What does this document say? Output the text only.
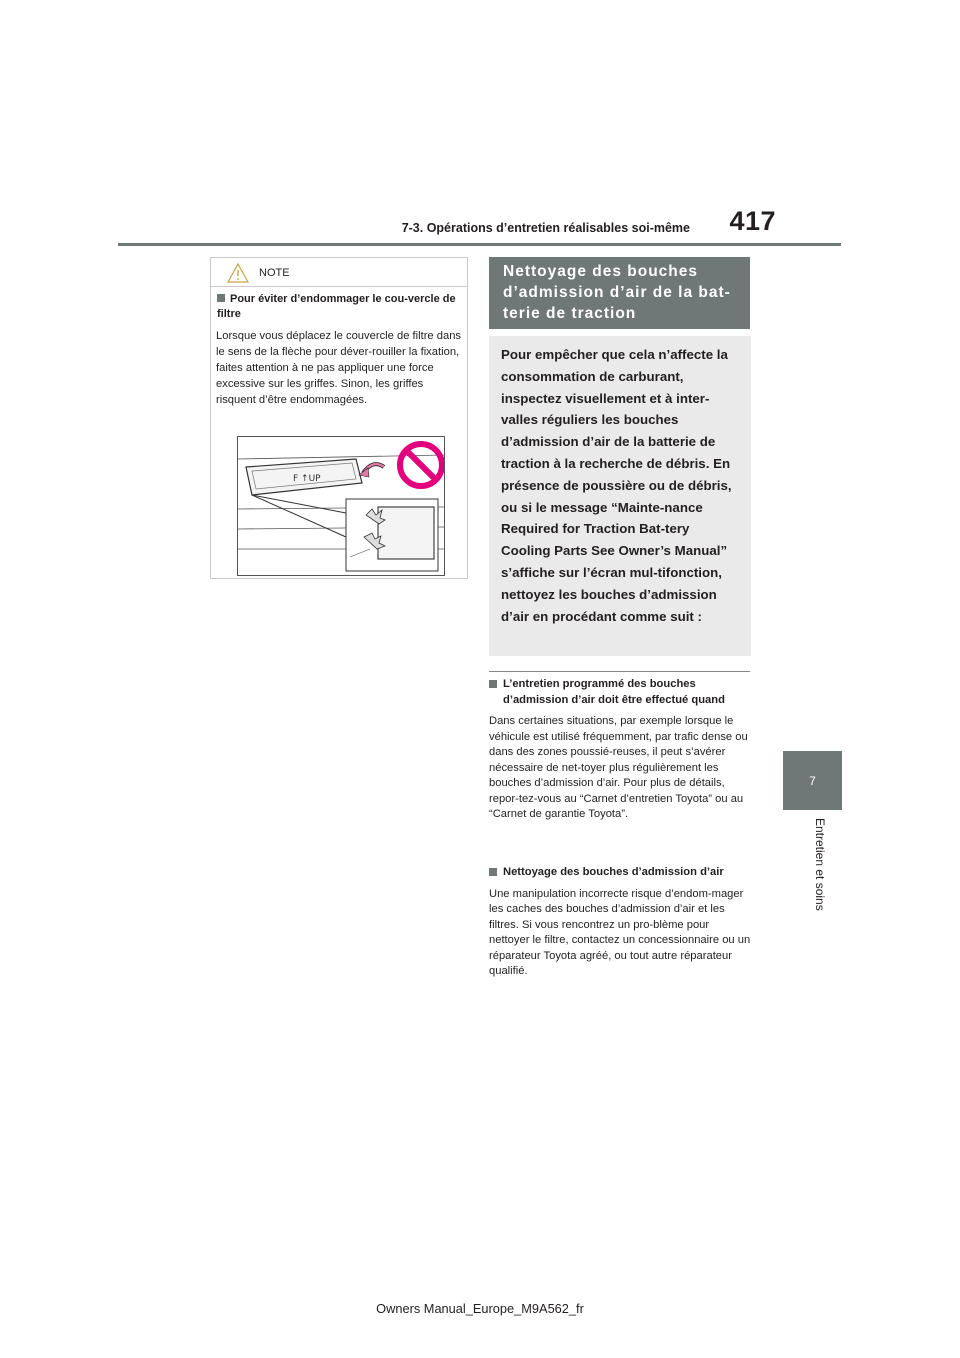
417
7-3. Opérations d’entretien réalisables soi-même
7
Entretien et soins
NOTE
Pour éviter d’endommager le cou-vercle de filtre
Lorsque vous déplacez le couvercle de filtre dans le sens de la flèche pour déver-rouiller la fixation, faites attention à ne pas appliquer une force excessive sur les griffes. Sinon, les griffes risquent d’être endommagées.
F ↑UP
Nettoyage des bouches d’admission d’air de la bat-terie de traction
Pour empêcher que cela n’affecte la consommation de carburant, inspectez visuellement et à inter-valles réguliers les bouches d’admission d’air de la batterie de traction à la recherche de débris. En présence de poussière ou de débris, ou si le message “Mainte-nance Required for Traction Bat-tery Cooling Parts See Owner’s Manual” s’affiche sur l’écran mul-tifonction, nettoyez les bouches d’admission d’air en procédant comme suit :
L’entretien programmé des bouches d’admission d’air doit être effectué quand
Dans certaines situations, par exemple lorsque le véhicule est utilisé fréquemment, par trafic dense ou dans des zones poussié-reuses, il peut s’avérer nécessaire de net-toyer plus régulièrement les bouches d’admission d’air. Pour plus de détails, repor-tez-vous au “Carnet d’entretien Toyota” ou au “Carnet de garantie Toyota”.
Nettoyage des bouches d’admission d’air
Une manipulation incorrecte risque d’endom-mager les caches des bouches d’admission d’air et les filtres. Si vous rencontrez un pro-blème pour nettoyer le filtre, contactez un concessionnaire ou un réparateur Toyota agréé, ou tout autre réparateur qualifié.
Owners Manual_Europe_M9A562_fr
